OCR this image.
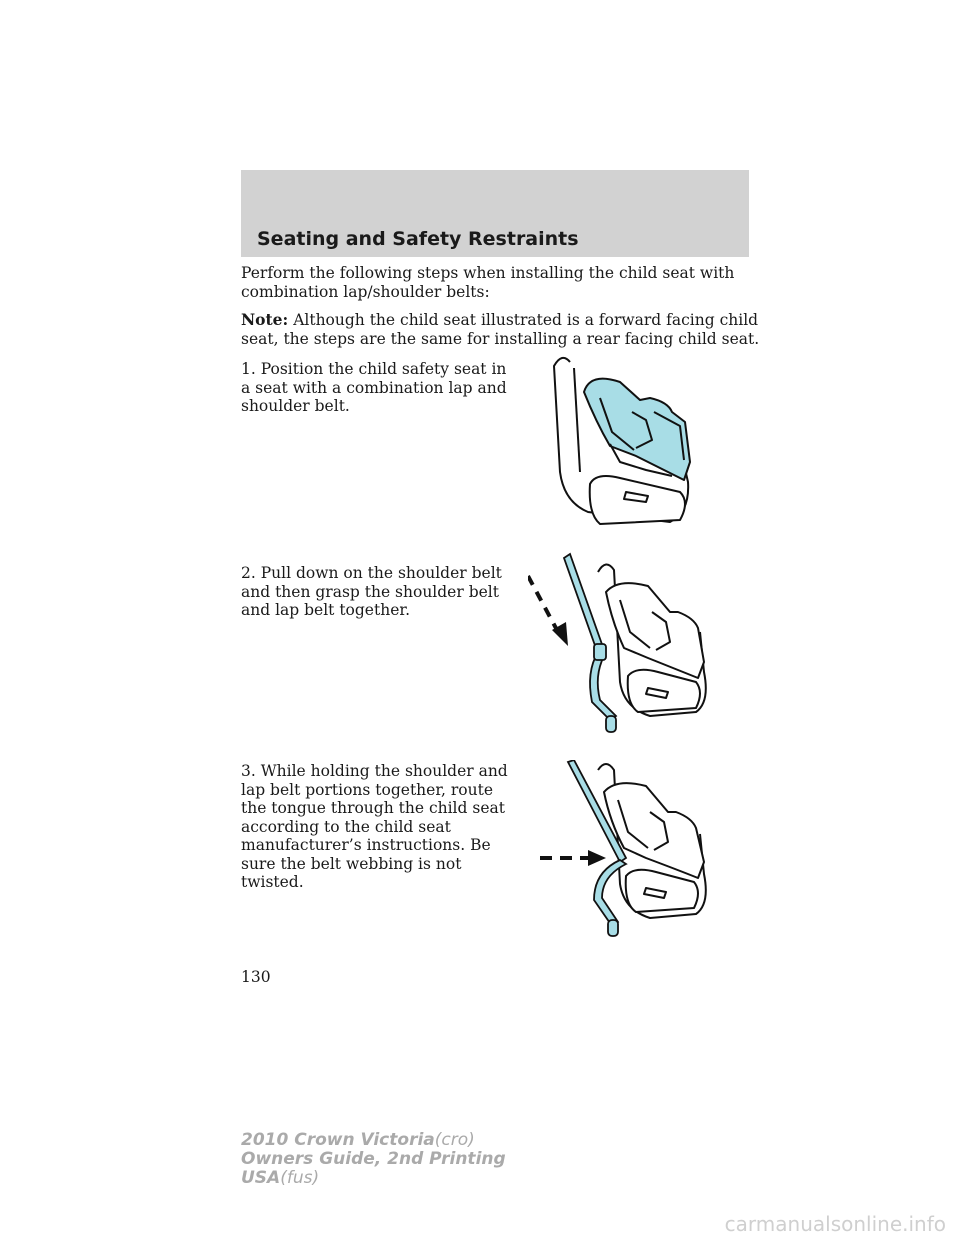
Seating and Safety Restraints

Perform the following steps when installing the child seat with combination lap/shoulder belts:

Note: Although the child seat illustrated is a forward facing child seat, the steps are the same for installing a rear facing child seat.

1. Position the child safety seat in a seat with a combination lap and shoulder belt.

2. Pull down on the shoulder belt and then grasp the shoulder belt and lap belt together.

3. While holding the shoulder and lap belt portions together, route the tongue through the child seat according to the child seat manufacturer’s instructions. Be sure the belt webbing is not twisted.

130
2010 Crown Victoria(cro)
Owners Guide, 2nd Printing
USA(fus)
carmanualsonline.info
